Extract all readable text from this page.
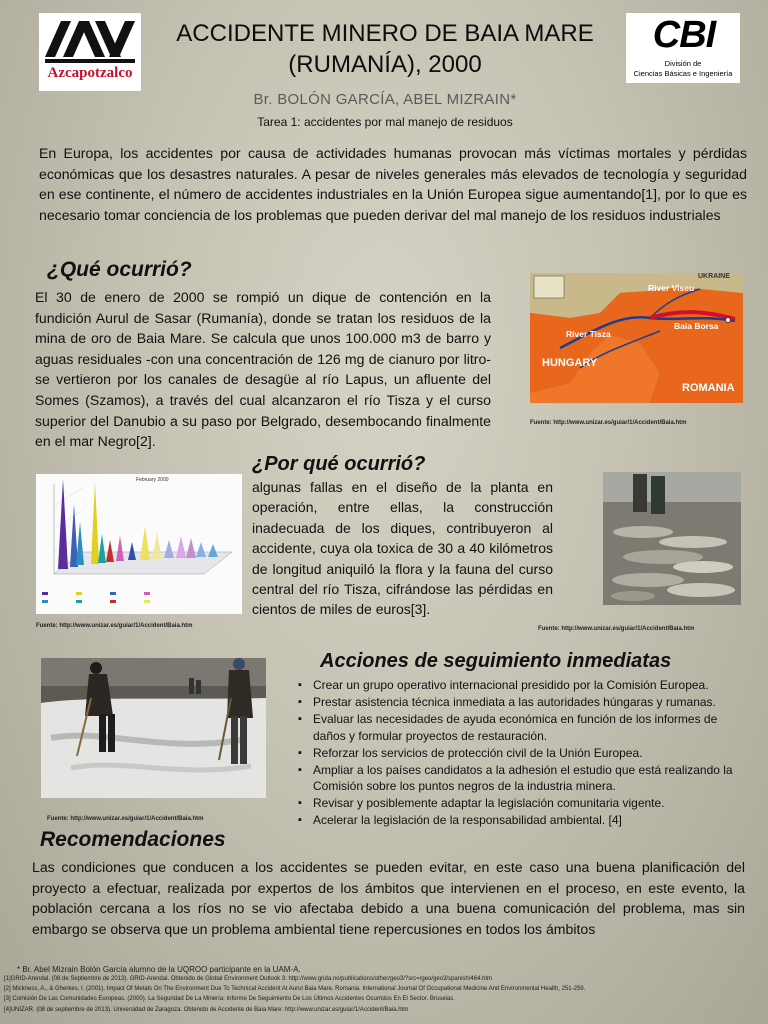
Azcapotzalco
CBI
División de
Ciencias Básicas e Ingeniería
ACCIDENTE MINERO DE BAIA MARE
(RUMANÍA), 2000
Br. BOLÓN GARCÍA, ABEL MIZRAIN*
Tarea 1: accidentes por mal manejo de residuos
En Europa, los accidentes por causa de actividades humanas provocan más víctimas mortales y pérdidas económicas que los desastres naturales. A pesar de niveles generales más elevados de tecnología y seguridad en ese continente, el número de accidentes industriales en la Unión Europea sigue aumentando[1], por lo que es necesario tomar conciencia de los problemas que pueden derivar del mal manejo de los residuos industriales
¿Qué ocurrió?
El 30 de enero de 2000 se rompió un dique de contención en la fundición Aurul de Sasar (Rumanía), donde se tratan los residuos de la mina de oro de Baia Mare. Se calcula que unos 100.000 m3 de barro y aguas residuales -con una concentración de 126 mg de cianuro por litro- se vertieron por los canales de desagüe al río Lapus, un afluente del Somes (Szamos), a través del cual alcanzaron el río Tisza y el curso superior del Danubio a su paso por Belgrado, desembocando finalmente en el mar Negro[2].
UKRAINE
River Viseu
River Tisza
Baia Borsa
HUNGARY
ROMANIA
Fuente: http://www.unizar.es/guiar/1/Accident/Baia.htm
¿Por qué ocurrió?
February 2000
Fuente: http://www.unizar.es/guiar/1/Accident/Baia.htm
algunas fallas en el diseño de la planta en operación, entre ellas, la construcción inadecuada de los diques, contribuyeron al accidente, cuya ola toxica de 30 a 40 kilómetros de longitud aniquiló la flora y la fauna del curso central del río Tisza, cifrándose las pérdidas en cientos de miles de euros[3].
Fuente: http://www.unizar.es/guiar/1/Accident/Baia.htm
Fuente: http://www.unizar.es/guiar/1/Accident/Baia.htm
Acciones de seguimiento inmediatas
▪ Crear un grupo operativo internacional presidido por la Comisión Europea.
▪ Prestar asistencia técnica inmediata a las autoridades húngaras y rumanas.
▪ Evaluar las necesidades de ayuda económica en función de los informes de daños y formular proyectos de restauración.
▪ Reforzar los servicios de protección civil de la Unión Europea.
▪ Ampliar a los países candidatos a la adhesión el estudio que está realizando la Comisión sobre los puntos negros de la industria minera.
▪ Revisar y posiblemente adaptar la legislación comunitaria vigente.
▪ Acelerar la legislación de la responsabilidad ambiental. [4]
Recomendaciones
Las condiciones que conducen a los accidentes se pueden evitar, en este caso una buena planificación del proyecto a efectuar, realizada por expertos de los ámbitos que intervienen en el proceso, en este evento, la población cercana a los ríos no se vio afectaba debido a una buena comunicación del problema, mas sin embargo se observa que un problema ambiental tiene repercusiones en todos los ámbitos
* Br. Abel Mizrain Bolón García alumno de la UQROO participante en la UAM-A.
[1]GRID-Arendal. (08 de Septiembre de 2013). GRID-Arendal. Obtenido de Global Environment Outlook 3: http://www.grida.no/publications/other/geo3/?src=/geo/geo3/spanish/464.htm
[2] Mickness, A., & Gherkes, I. (2001). Impact Of Metals On The Environment Due To Technical Accident At Aurul Baia Mare, Romania. International Journal Of Occupational Medicine And Environmental Health, 251-259.
[3] Comisión De Las Comunidades Europeas. (2000). La Seguridad De La Minería: Informe De Seguimiento De Los Últimos Accidentes Ocurridos En El Sector. Bruselas.
[4]UNIZAR. (08 de septiembre de 2013). Universidad de Zaragoza. Obtenido de Accidente de Baia Mare: http://www.unizar.es/guiar/1/Accident/Baia.htm
